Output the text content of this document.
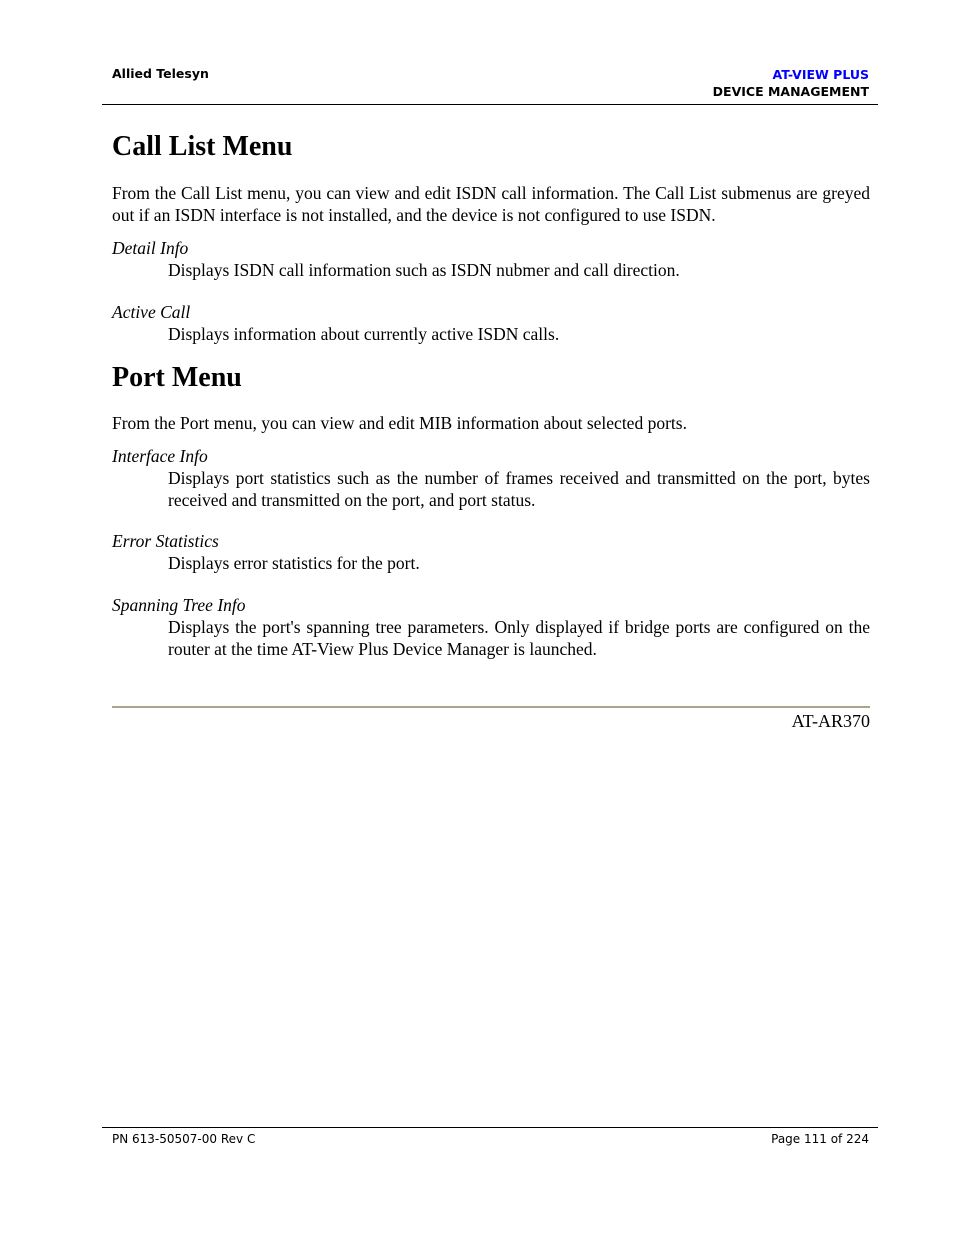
Allied Telesyn	AT-VIEW PLUS
DEVICE MANAGEMENT
Call List Menu

From the Call List menu, you can view and edit ISDN call information. The Call List submenus are greyed out if an ISDN interface is not installed, and the device is not configured to use ISDN.

Detail Info

Displays ISDN call information such as ISDN nubmer and call direction.

Active Call

Displays information about currently active ISDN calls.

Port Menu

From the Port menu, you can view and edit MIB information about selected ports.

Interface Info

Displays port statistics such as the number of frames received and transmitted on the port, bytes received and transmitted on the port, and port status.

Error Statistics

Displays error statistics for the port.

Spanning Tree Info

Displays the port's spanning tree parameters. Only displayed if bridge ports are configured on the router at the time AT-View Plus Device Manager is launched.

AT-AR370
PN 613-50507-00 Rev C	Page 111 of 224
